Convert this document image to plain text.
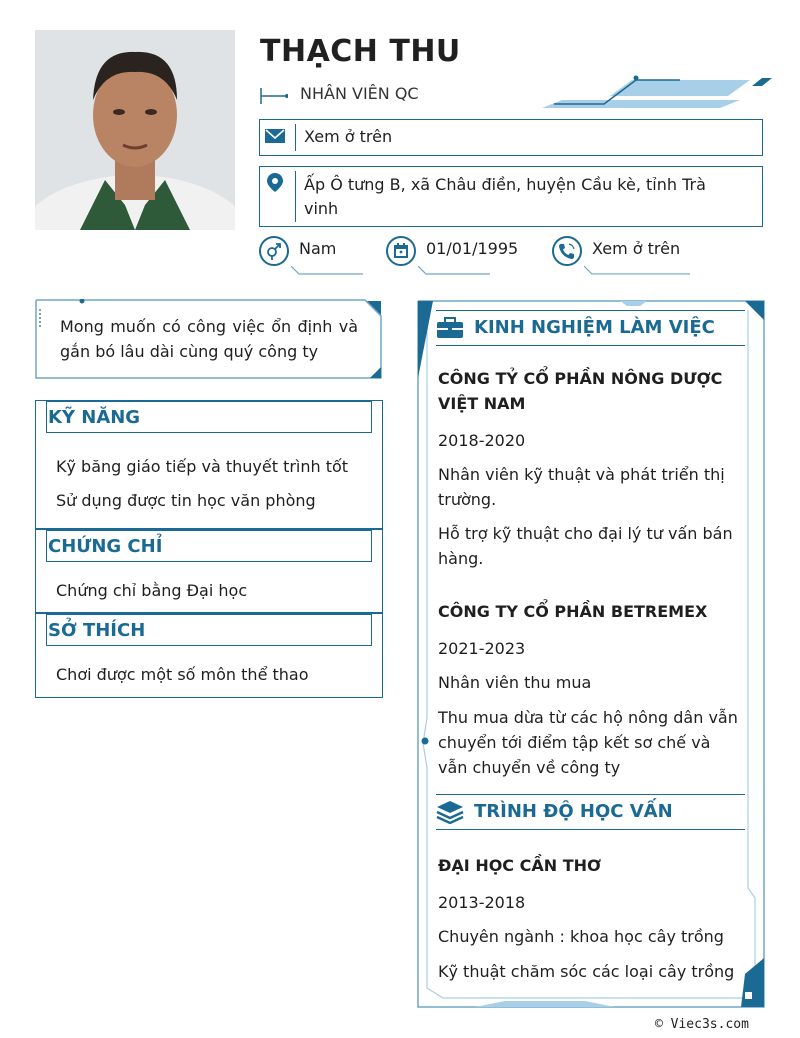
THẠCH THU
NHÂN VIÊN QC
Xem ở trên
Ấp Ô tưng B, xã Châu điền, huyện Cầu kè, tỉnh Trà vinh
Nam	01/01/1995	Xem ở trên
Mong muốn có công việc ổn định và gắn bó lâu dài cùng quý công ty
KỸ NĂNG
Kỹ băng giáo tiếp và thuyết trình tốt
Sử dụng được tin học văn phòng
CHỨNG CHỈ
Chứng chỉ bằng Đại học
SỞ THÍCH
Chơi được một số môn thể thao
KINH NGHIỆM LÀM VIỆC
CÔNG TỶ CỔ PHẦN NÔNG DƯỢC VIỆT NAM
2018-2020
Nhân viên kỹ thuật và phát triển thị trường.
Hỗ trợ kỹ thuật cho đại lý tư vấn bán hàng.
CÔNG TY CỔ PHẦN BETREMEX
2021-2023
Nhân viên thu mua
Thu mua dừa từ các hộ nông dân vẫn chuyển tới điểm tập kết sơ chế và vẫn chuyển về công ty
TRÌNH ĐỘ HỌC VẤN
ĐẠI HỌC CẦN THƠ
2013-2018
Chuyên ngành : khoa học cây trồng
Kỹ thuật chăm sóc các loại cây trồng
© Viec3s.com
